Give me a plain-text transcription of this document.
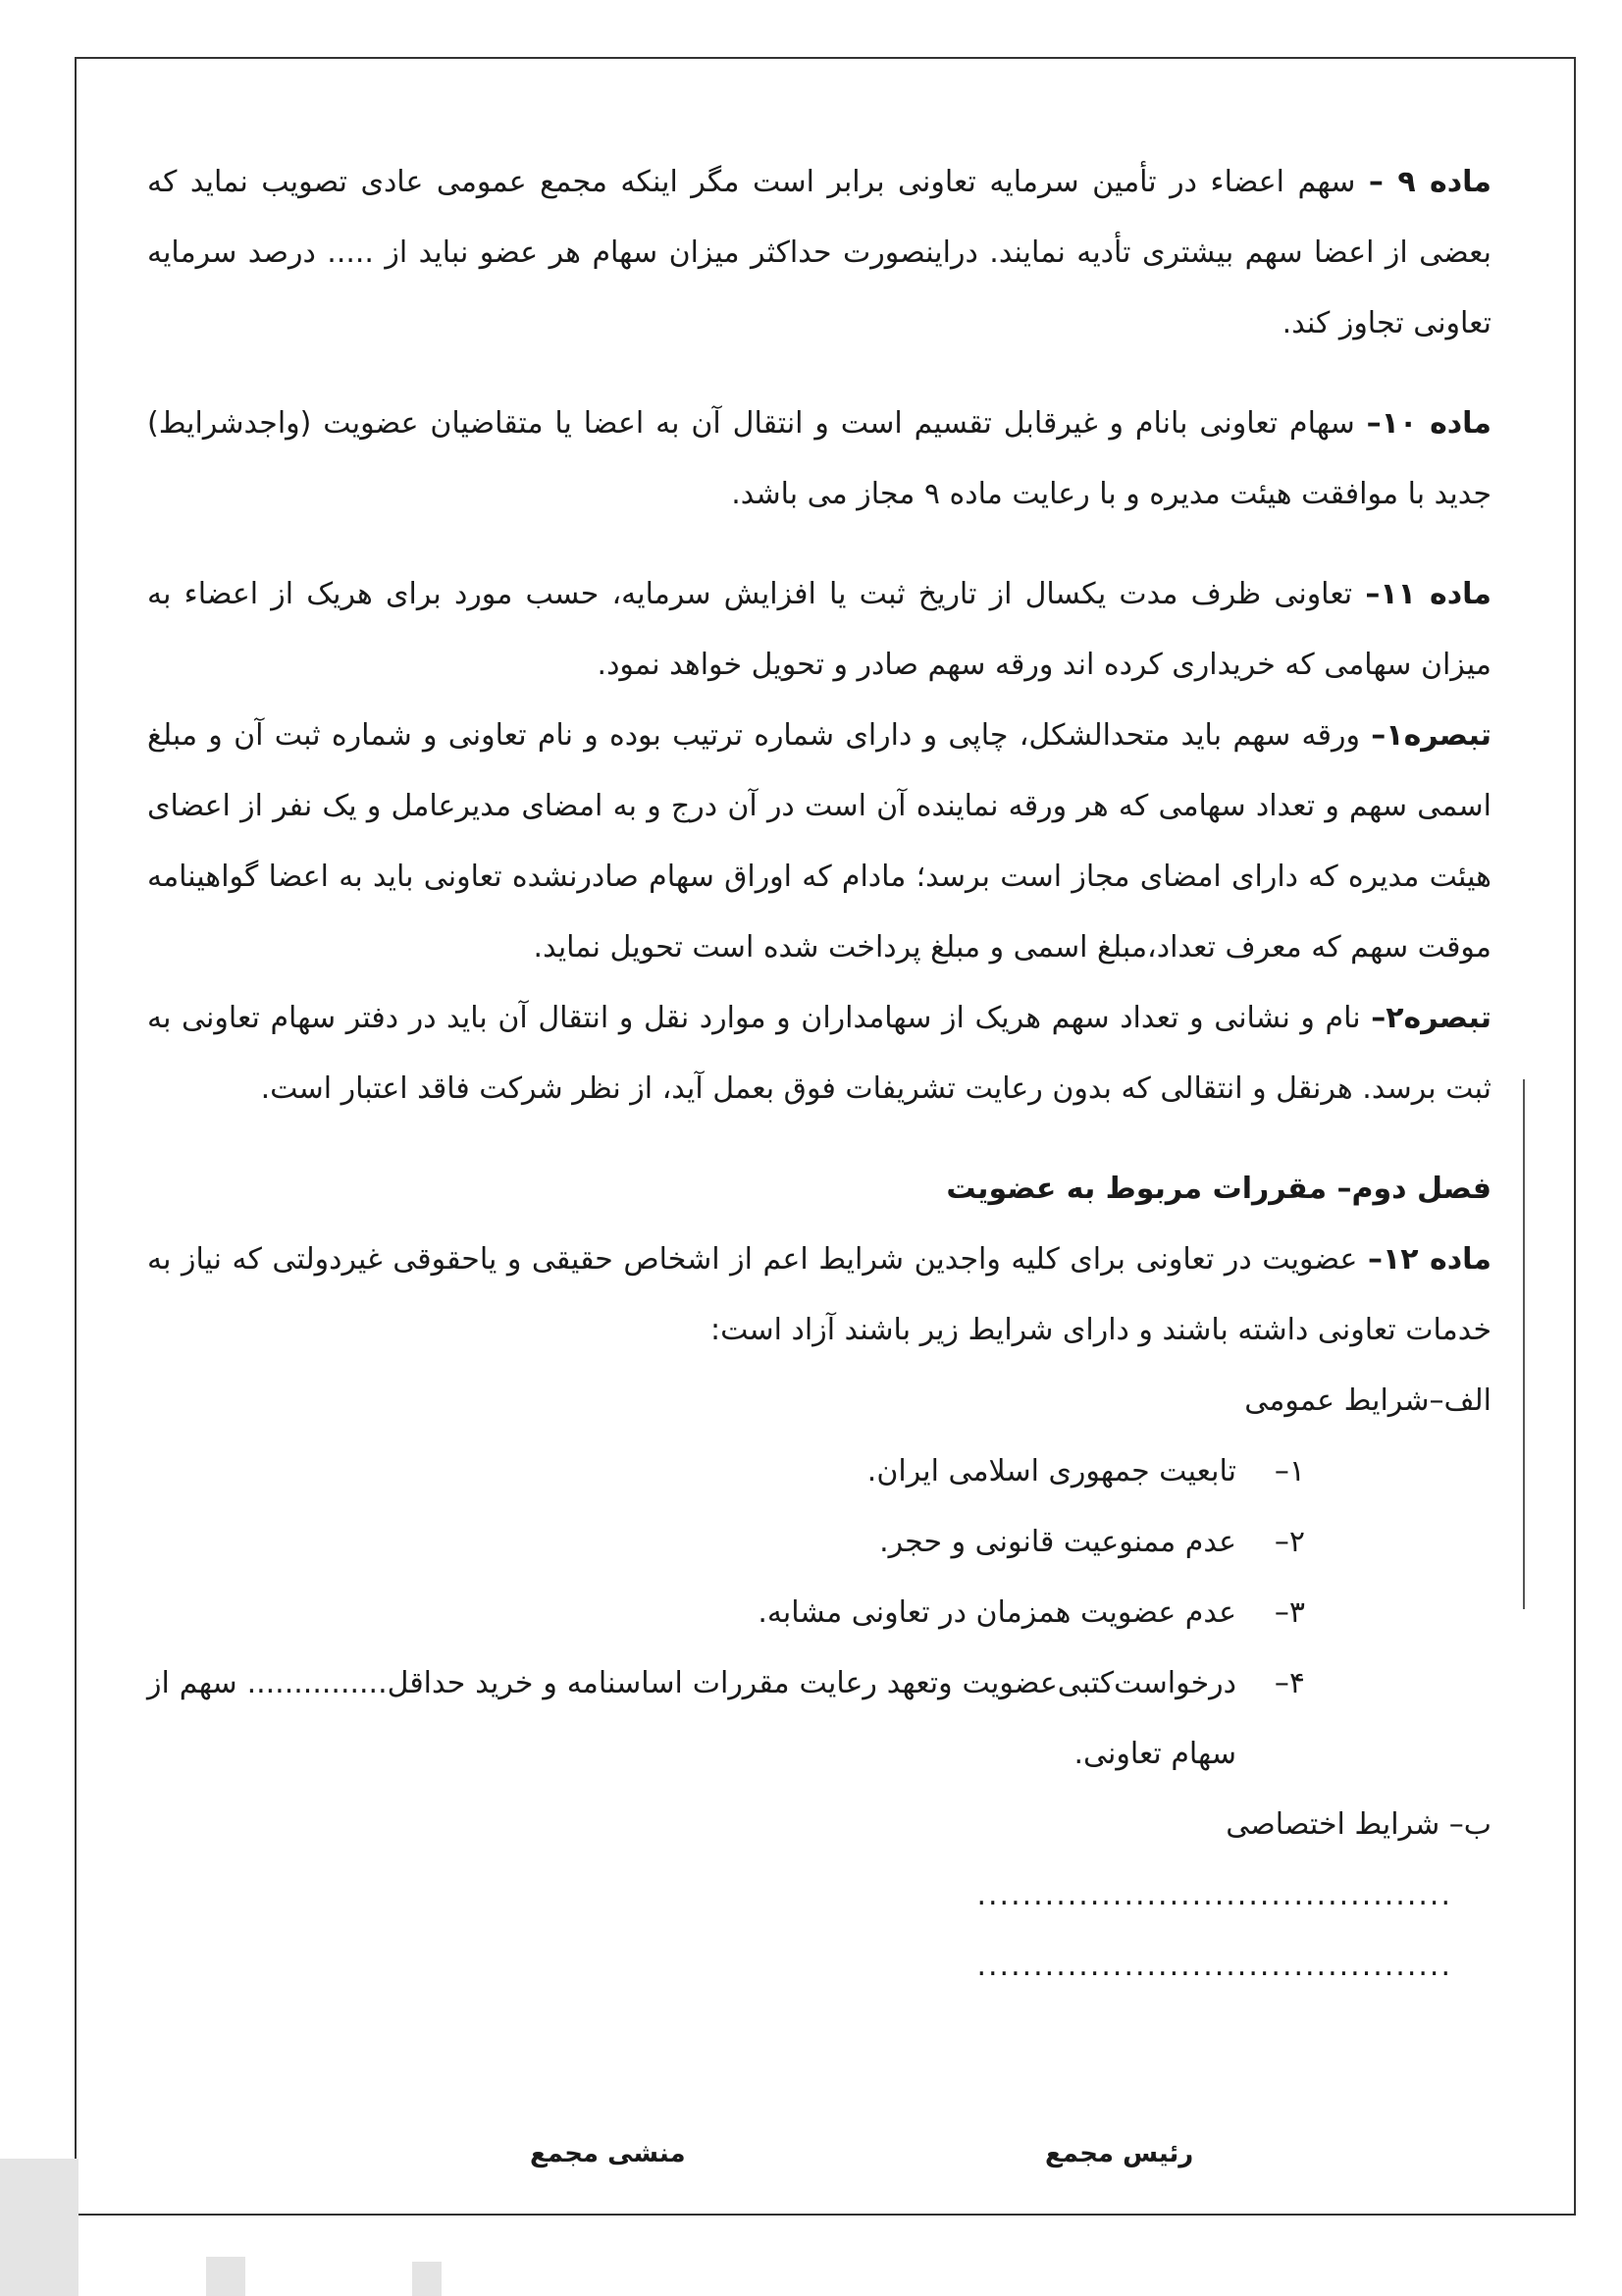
ماده ۹ – سهم اعضاء در تأمین سرمایه تعاونی برابر است مگر اینکه مجمع عمومی عادی تصویب نماید که بعضی از اعضا سهم بیشتری تأدیه نمایند. دراینصورت حداکثر میزان سهام هر عضو نباید از ..... درصد سرمایه تعاونی تجاوز کند.

ماده ۱۰– سهام تعاونی بانام و غیرقابل تقسیم است و انتقال آن به اعضا یا متقاضیان عضویت (واجدشرایط) جدید با موافقت هیئت مدیره و با رعایت ماده ۹ مجاز می باشد.

ماده ۱۱– تعاونی ظرف مدت یکسال از تاریخ ثبت یا افزایش سرمایه، حسب مورد برای هریک از اعضاء به میزان سهامی که خریداری کرده اند ورقه سهم صادر و تحویل خواهد نمود.

تبصره۱– ورقه سهم باید متحدالشکل، چاپی و دارای شماره ترتیب بوده و نام تعاونی و شماره ثبت آن و مبلغ اسمی سهم و تعداد سهامی که هر ورقه نماینده آن است در آن درج و به امضای مدیرعامل و یک نفر از اعضای هیئت مدیره که دارای امضای مجاز است برسد؛ مادام که اوراق سهام صادرنشده تعاونی باید به اعضا گواهینامه موقت سهم که معرف تعداد،مبلغ اسمی و مبلغ پرداخت شده است تحویل نماید.

تبصره۲– نام و نشانی و تعداد سهم هریک از سهامداران و موارد نقل و انتقال آن باید در دفتر سهام تعاونی به ثبت برسد. هرنقل و انتقالی که بدون رعایت تشریفات فوق بعمل آید، از نظر شرکت فاقد اعتبار است.

فصل دوم– مقررات مربوط به عضویت

ماده ۱۲– عضویت در تعاونی برای کلیه واجدین شرایط اعم از اشخاص حقیقی و یاحقوقی غیردولتی که نیاز به خدمات تعاونی داشته باشند و دارای شرایط زیر باشند آزاد است:

الف–شرایط عمومی

۱–
تابعیت جمهوری اسلامی ایران.
۲–
عدم ممنوعیت قانونی و حجر.
۳–
عدم عضویت همزمان در تعاونی مشابه.
۴–
درخواست‌کتبی‌عضویت وتعهد رعایت مقررات اساسنامه و خرید حداقل............... سهم از سهام تعاونی.

ب– شرایط اختصاصی

..........................................

..........................................

رئیس مجمع
منشی مجمع
